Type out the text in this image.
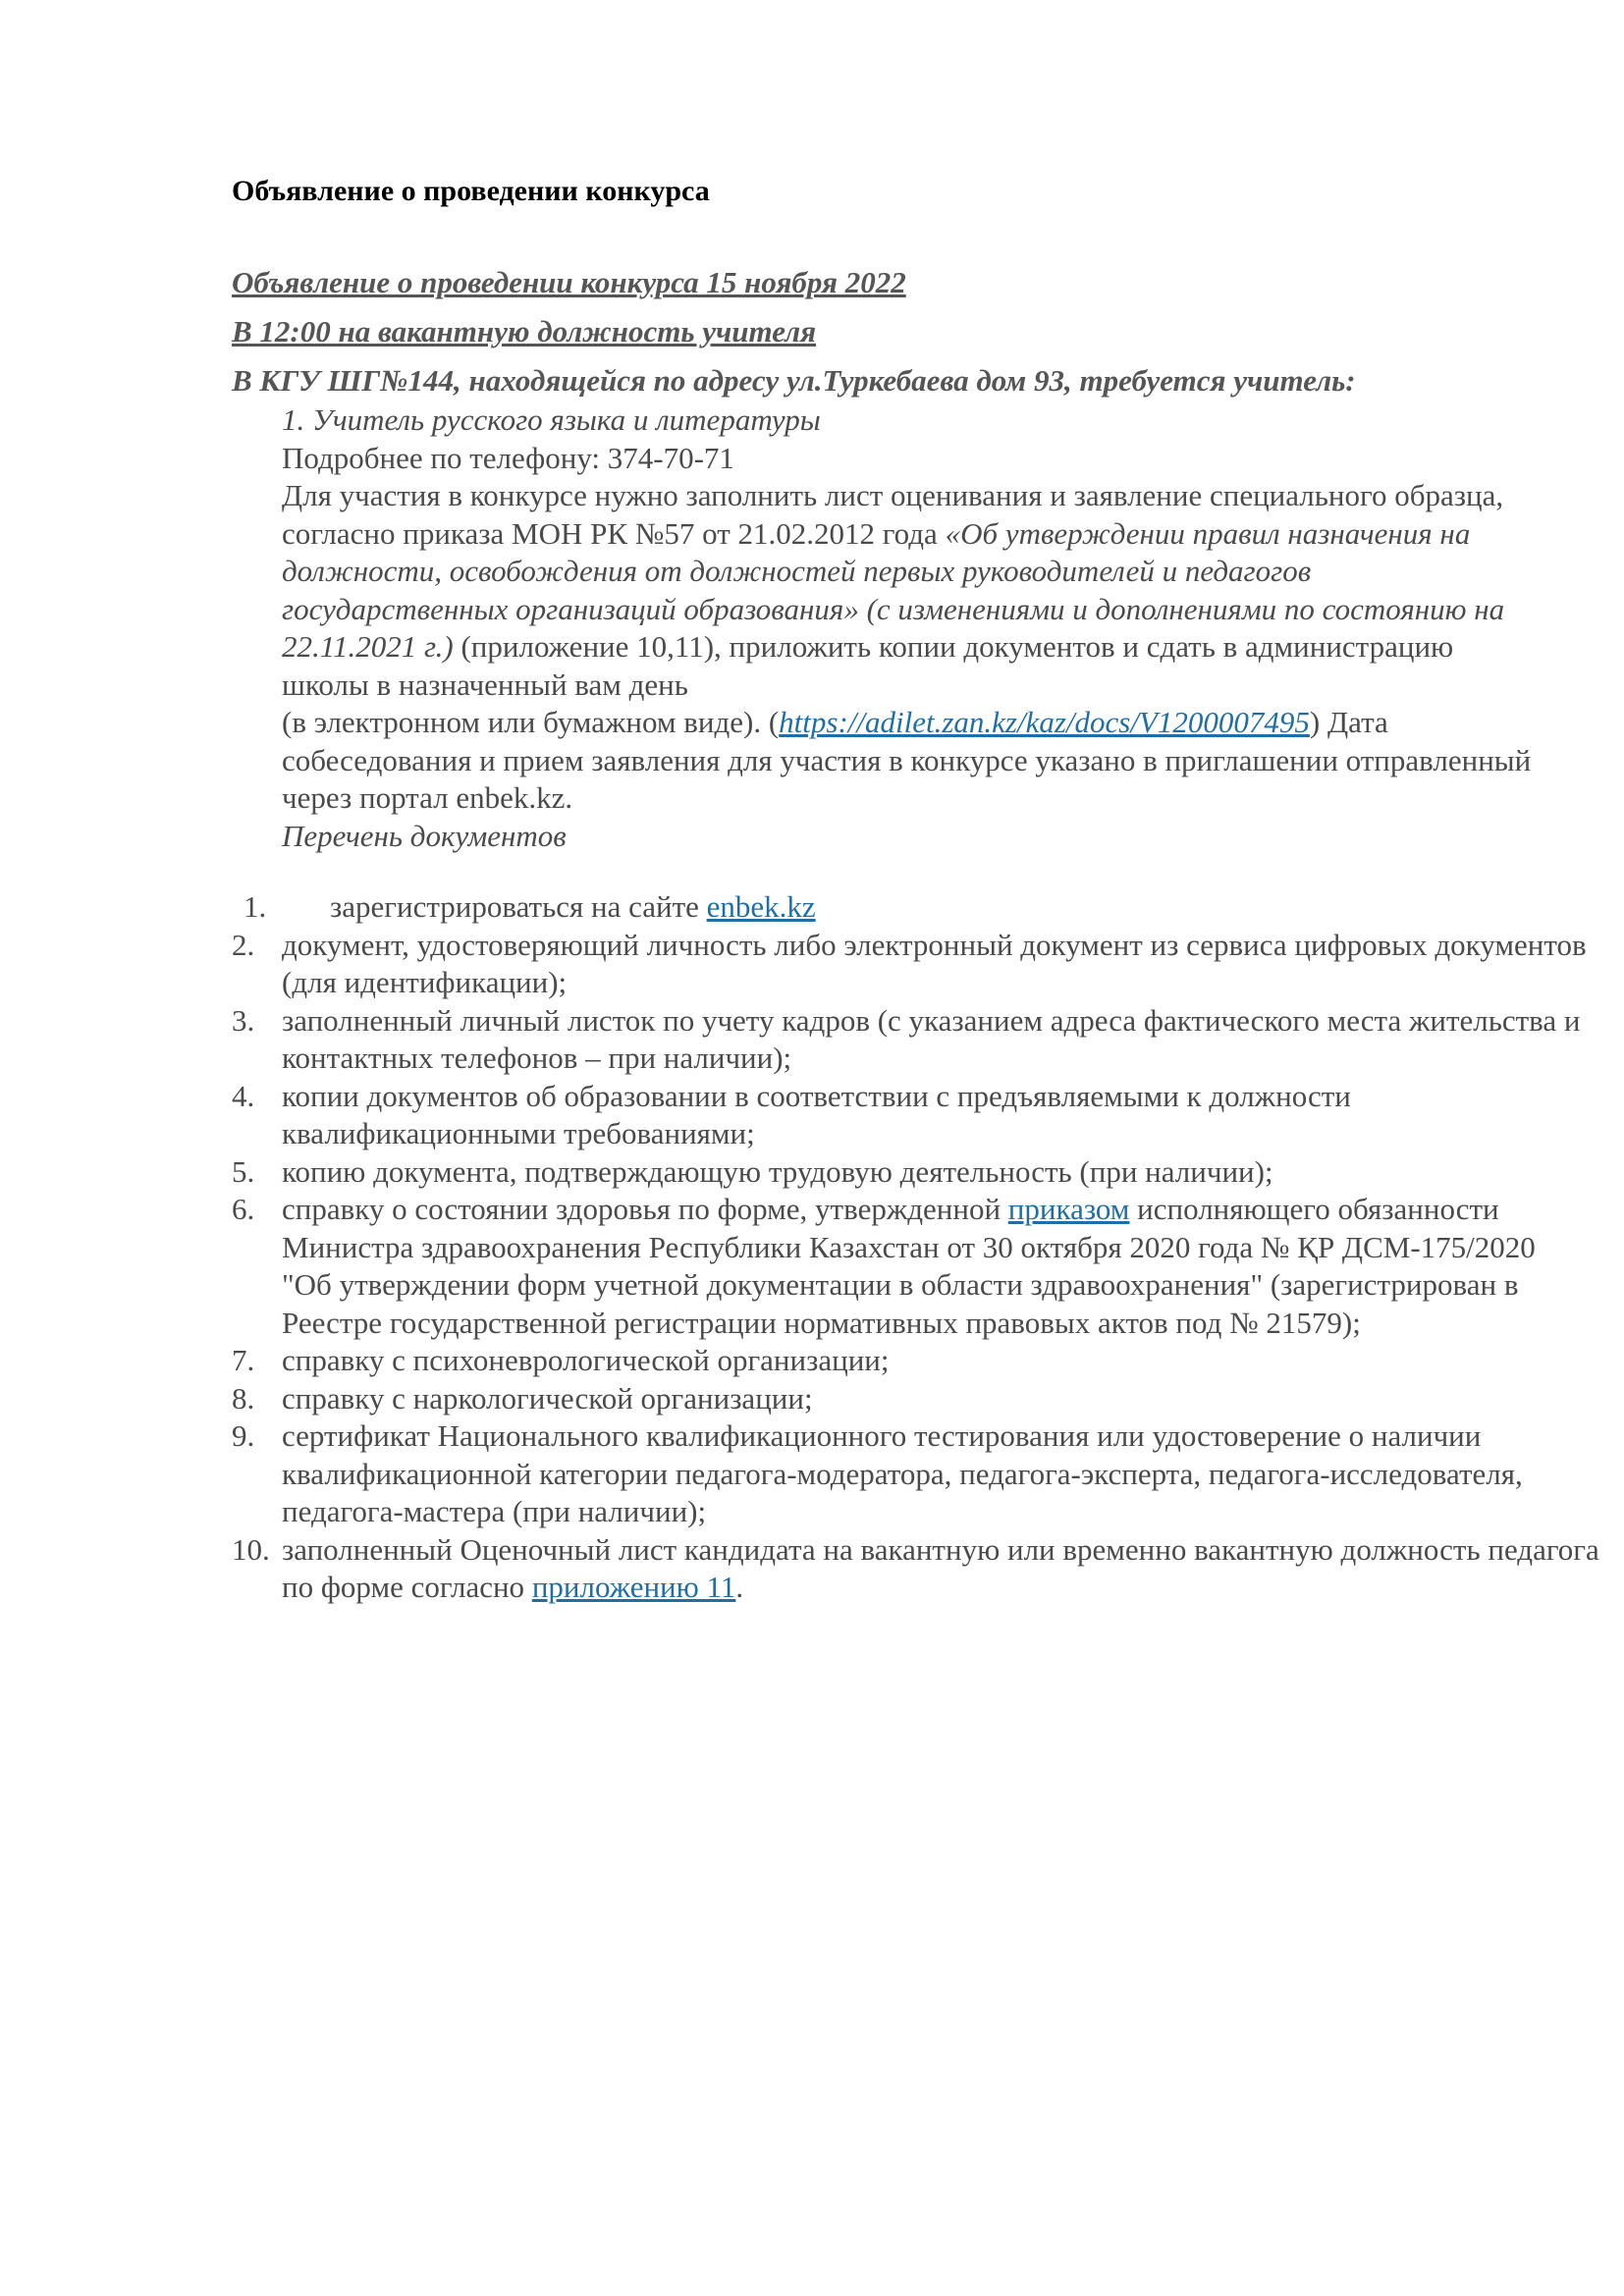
Объявление о проведении конкурса
Объявление о проведении конкурса 15 ноября 2022
В 12:00 на вакантную должность учителя
В КГУ ШГ№144, находящейся по адресу ул.Туркебаева дом 93, требуется учитель:

1. Учитель русского языка и литературы

Подробнее по телефону: 374-70-71

Для участия в конкурсе нужно заполнить лист оценивания и заявление специального образца, согласно приказа МОН РК №57 от 21.02.2012 года «Об утверждении правил назначения на должности, освобождения от должностей первых руководителей и педагогов государственных организаций образования» (с изменениями и дополнениями по состоянию на 22.11.2021 г.) (приложение 10,11), приложить копии документов и сдать в администрацию школы в назначенный вам день

(в электронном или бумажном виде). (https://adilet.zan.kz/kaz/docs/V1200007495) Дата собеседования и прием заявления для участия в конкурсе указано в приглашении отправленный через портал enbek.kz.

Перечень документов

1.	зарегистрироваться на сайте enbek.kz
2. документ, удостоверяющий личность либо электронный документ из сервиса цифровых документов (для идентификации);
3. заполненный личный листок по учету кадров (с указанием адреса фактического места жительства и контактных телефонов – при наличии);
4. копии документов об образовании в соответствии с предъявляемыми к должности квалификационными требованиями;
5. копию документа, подтверждающую трудовую деятельность (при наличии);
6. справку о состоянии здоровья по форме, утвержденной приказом исполняющего обязанности
Министра здравоохранения Республики Казахстан от 30 октября 2020 года № ҚР ДСМ-175/2020
"Об утверждении форм учетной документации в области здравоохранения" (зарегистрирован в
Реестре государственной регистрации нормативных правовых актов под № 21579);
7. справку с психоневрологической организации;
8. справку с наркологической организации;
9. сертификат Национального квалификационного тестирования или удостоверение о наличии квалификационной категории педагога-модератора, педагога-эксперта, педагога-исследователя, педагога-мастера (при наличии);
10. заполненный Оценочный лист кандидата на вакантную или временно вакантную должность педагога по форме согласно приложению 11.
